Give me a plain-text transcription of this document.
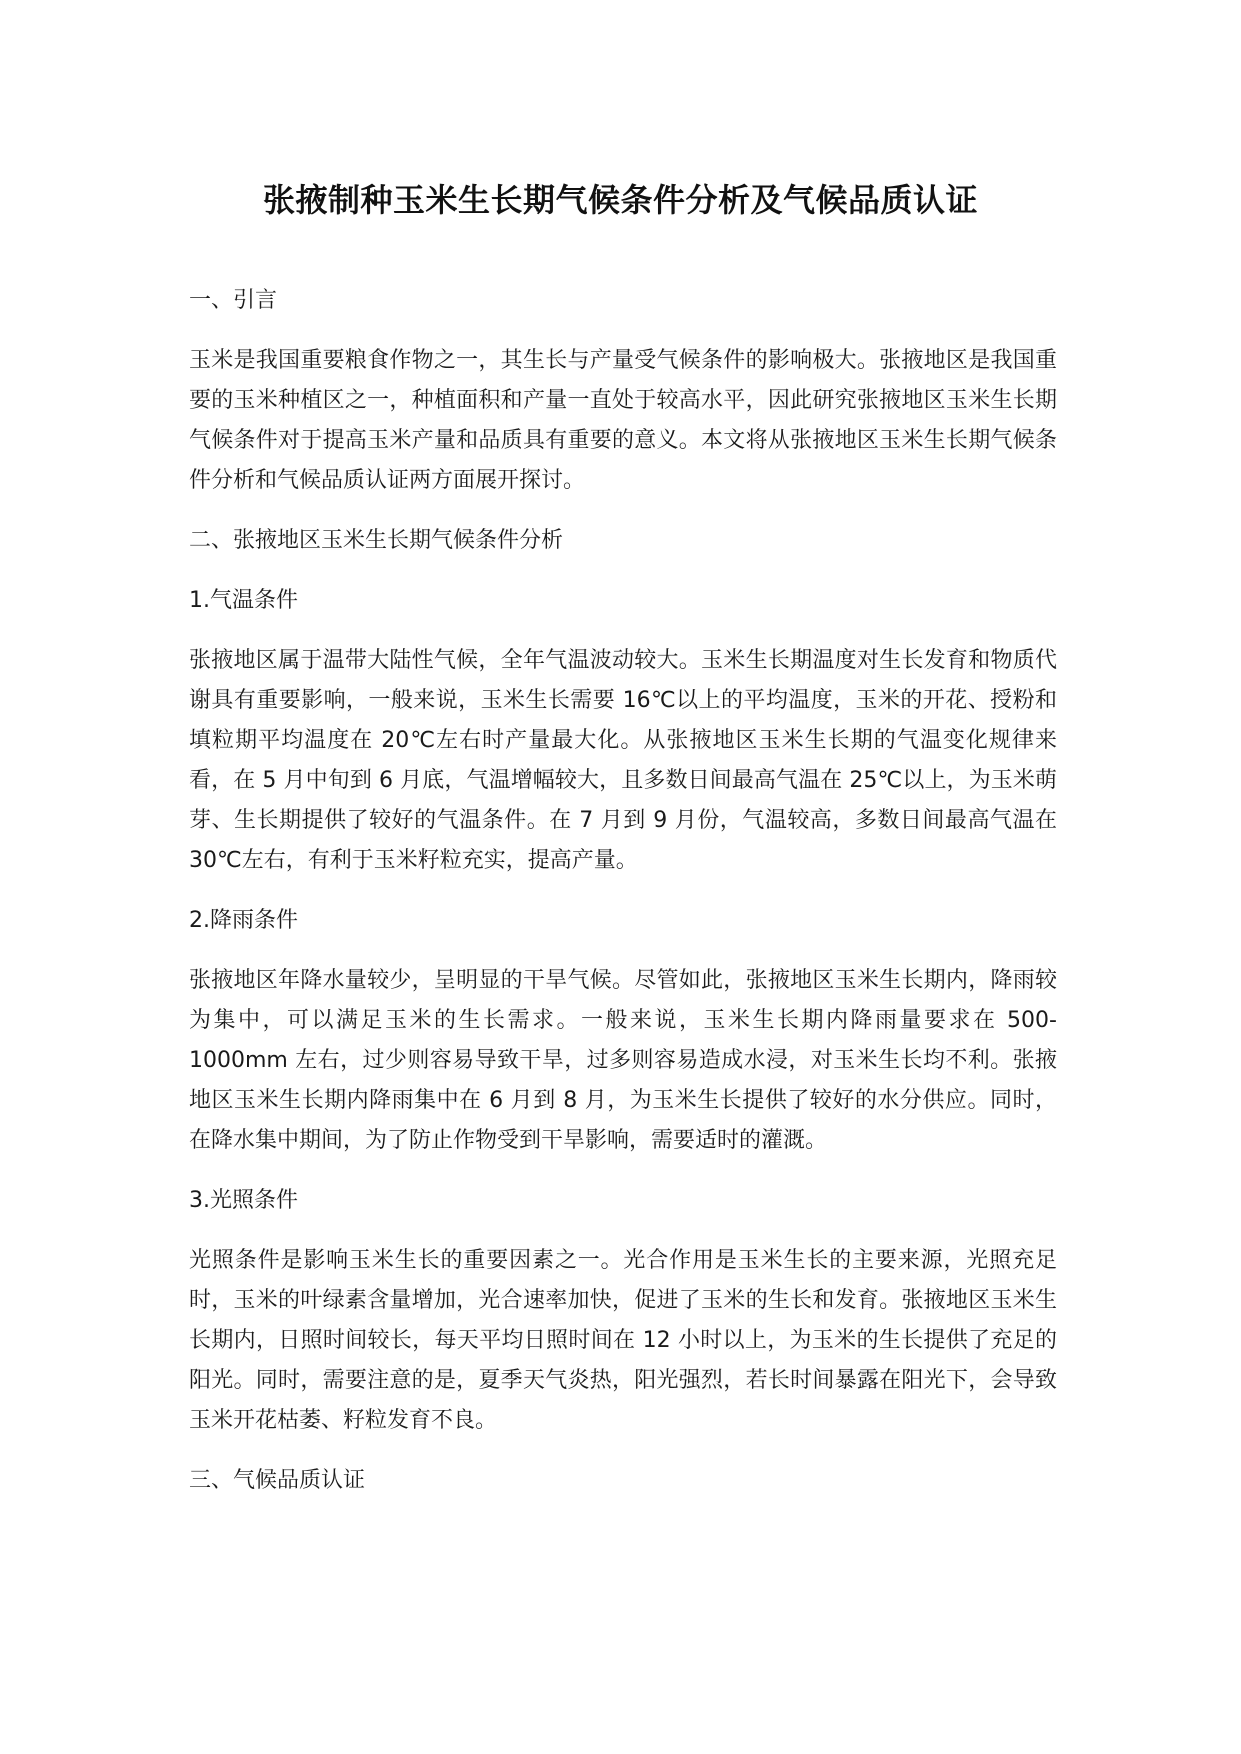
张掖制种玉米生长期气候条件分析及气候品质认证
一、引言

玉米是我国重要粮食作物之一，其生长与产量受气候条件的影响极大。张掖地区是我国重要的玉米种植区之一，种植面积和产量一直处于较高水平，因此研究张掖地区玉米生长期气候条件对于提高玉米产量和品质具有重要的意义。本文将从张掖地区玉米生长期气候条件分析和气候品质认证两方面展开探讨。

二、张掖地区玉米生长期气候条件分析
1.气温条件

张掖地区属于温带大陆性气候，全年气温波动较大。玉米生长期温度对生长发育和物质代谢具有重要影响，一般来说，玉米生长需要 16℃以上的平均温度，玉米的开花、授粉和填粒期平均温度在 20℃左右时产量最大化。从张掖地区玉米生长期的气温变化规律来看，在 5 月中旬到 6 月底，气温增幅较大，且多数日间最高气温在 25℃以上，为玉米萌芽、生长期提供了较好的气温条件。在 7 月到 9 月份，气温较高，多数日间最高气温在 30℃左右，有利于玉米籽粒充实，提高产量。

2.降雨条件

张掖地区年降水量较少，呈明显的干旱气候。尽管如此，张掖地区玉米生长期内，降雨较为集中，可以满足玉米的生长需求。一般来说，玉米生长期内降雨量要求在 500-1000mm 左右，过少则容易导致干旱，过多则容易造成水浸，对玉米生长均不利。张掖地区玉米生长期内降雨集中在 6 月到 8 月，为玉米生长提供了较好的水分供应。同时，在降水集中期间，为了防止作物受到干旱影响，需要适时的灌溉。

3.光照条件

光照条件是影响玉米生长的重要因素之一。光合作用是玉米生长的主要来源，光照充足时，玉米的叶绿素含量增加，光合速率加快，促进了玉米的生长和发育。张掖地区玉米生长期内，日照时间较长，每天平均日照时间在 12 小时以上，为玉米的生长提供了充足的阳光。同时，需要注意的是，夏季天气炎热，阳光强烈，若长时间暴露在阳光下，会导致玉米开花枯萎、籽粒发育不良。

三、气候品质认证
